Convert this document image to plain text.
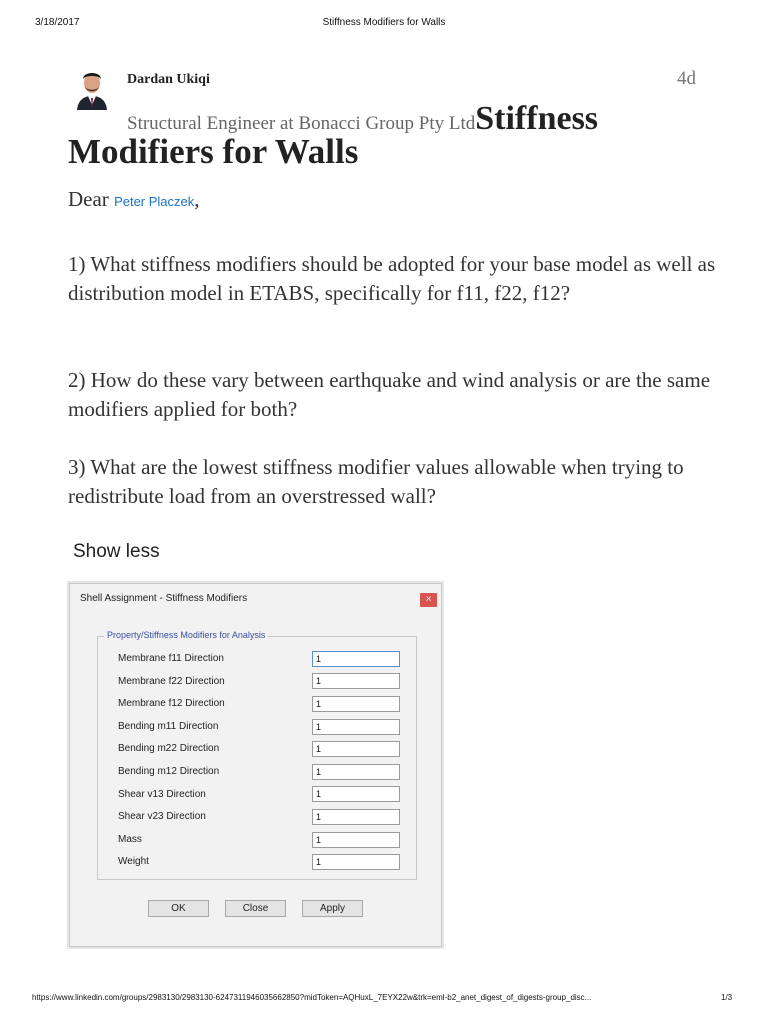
3/18/2017	Stiffness Modifiers for Walls
Dardan Ukiqi	4d
Structural Engineer at Bonacci Group Pty LtdStiffness
Modifiers for Walls
Dear Peter Placzek,
1) What stiffness modifiers should be adopted for your base model as well as distribution model in ETABS, specifically for f11, f22, f12?
2) How do these vary between earthquake and wind analysis or are the same modifiers applied for both?
3) What are the lowest stiffness modifier values allowable when trying to redistribute load from an overstressed wall?
Show less
Shell Assignment - Stiffness Modifiers	×
Property/Stiffness Modifiers for Analysis
Membrane f11 Direction	1
Membrane f22 Direction	1
Membrane f12 Direction	1
Bending m11 Direction	1
Bending m22 Direction	1
Bending m12 Direction	1
Shear v13 Direction	1
Shear v23 Direction	1
Mass	1
Weight	1
OK	Close	Apply
https://www.linkedin.com/groups/2983130/2983130-6247311946035662850?midToken=AQHuxL_7EYX22w&trk=eml-b2_anet_digest_of_digests-group_disc...	1/3
